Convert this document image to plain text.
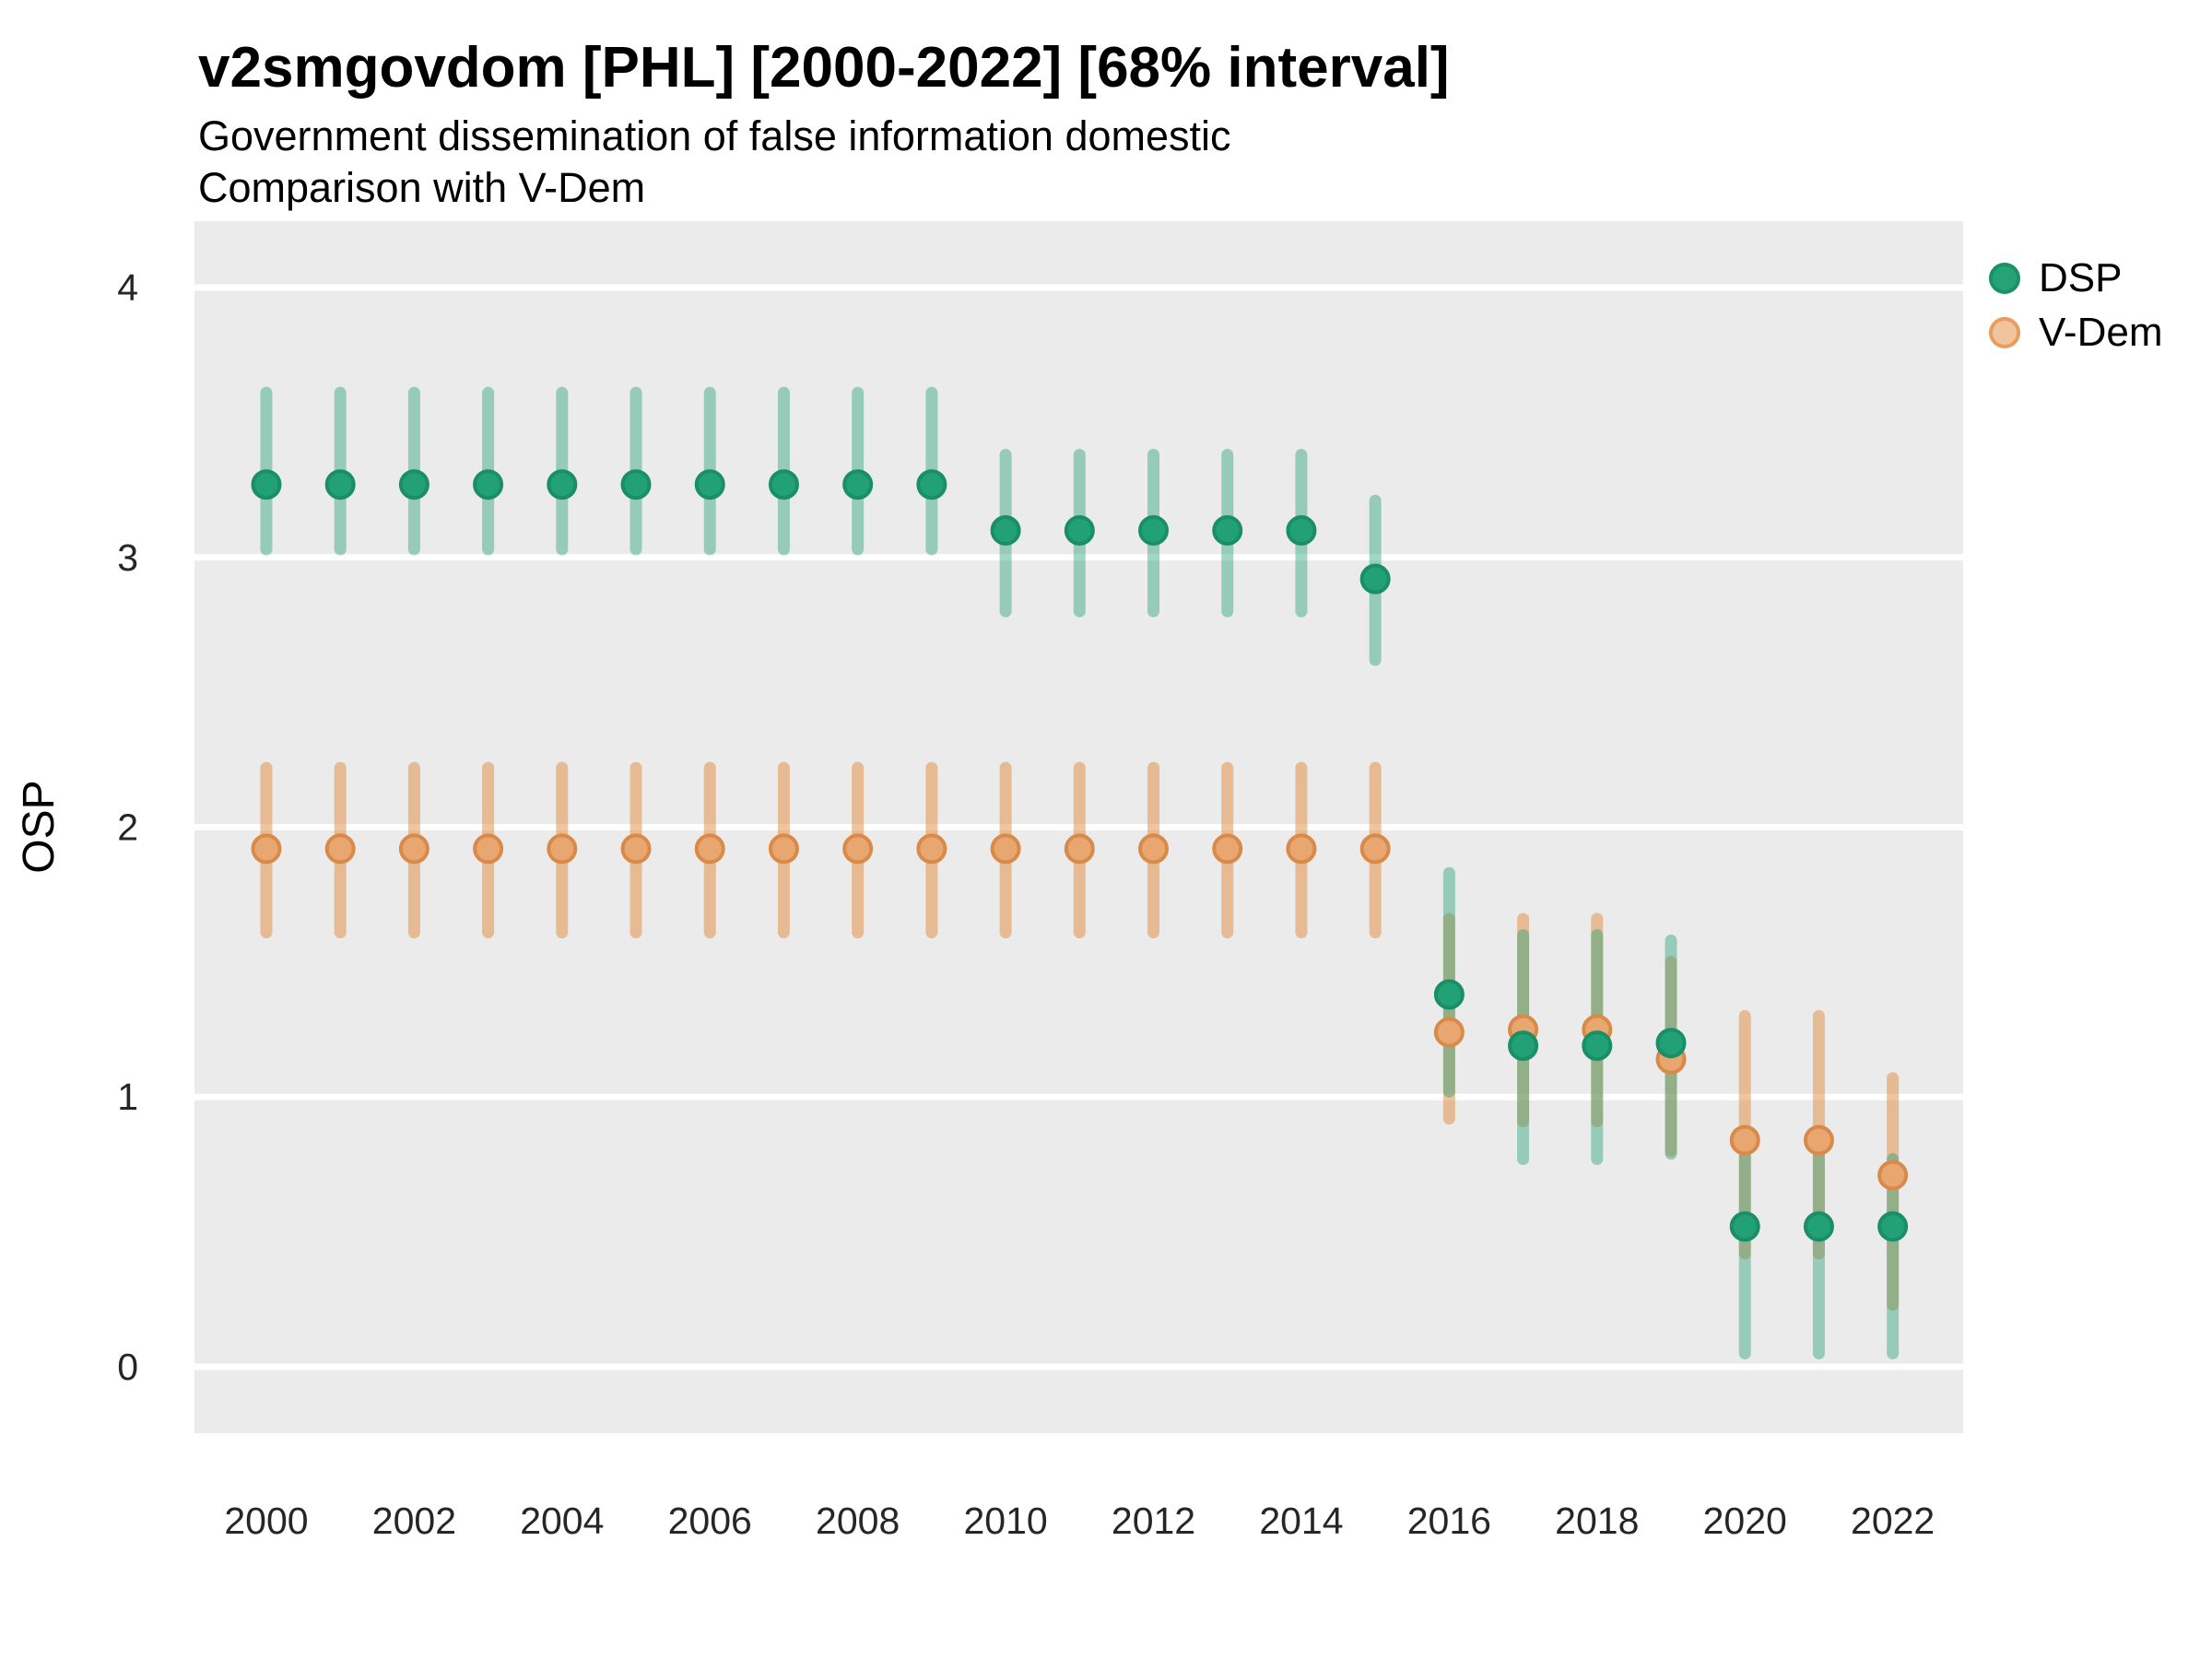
v2smgovdom [PHL] [2000-2022] [68% interval]
Government dissemination of false information domestic
Comparison with V-Dem
4
3
2
1
0
2000 2002 2004 2006 2008 2010 2012 2014 2016 2018 2020 2022
OSP
DSP
V-Dem
